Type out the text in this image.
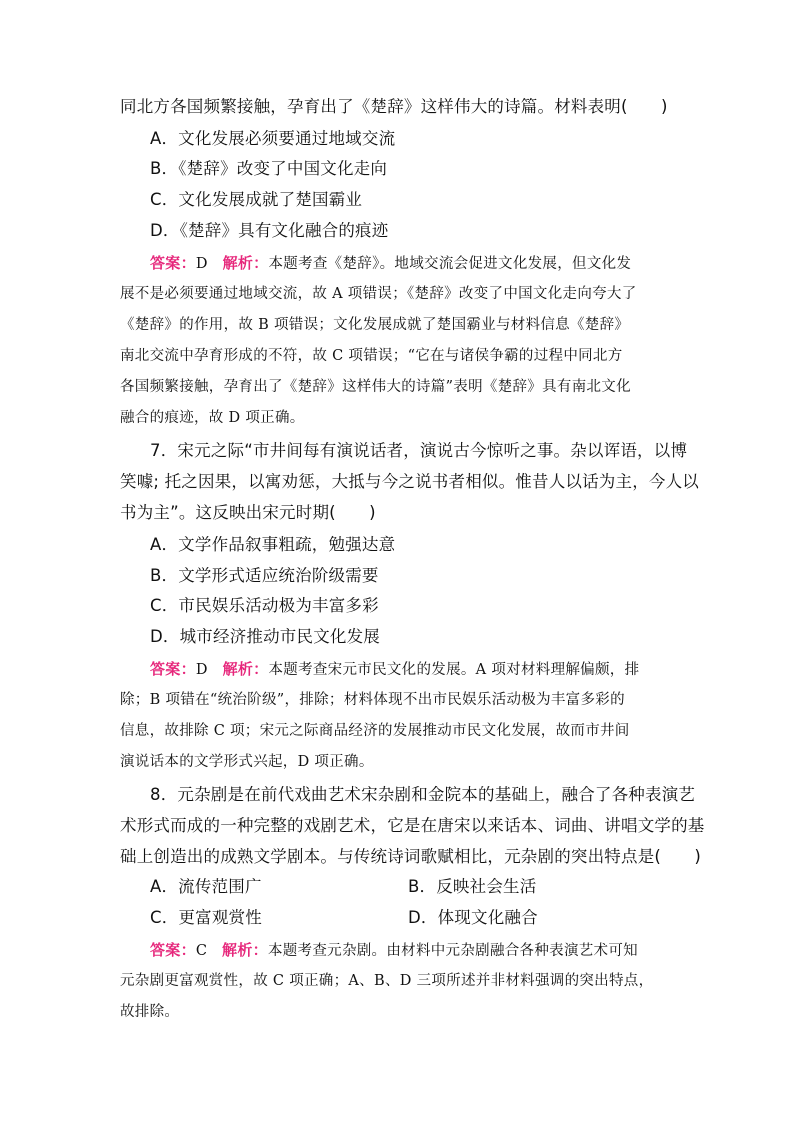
同北方各国频繁接触，孕育出了《楚辞》这样伟大的诗篇。材料表明(　　)
A．文化发展必须要通过地域交流
B．《楚辞》改变了中国文化走向
C．文化发展成就了楚国霸业
D．《楚辞》具有文化融合的痕迹
答案：D 解析：本题考查《楚辞》。地域交流会促进文化发展，但文化发
展不是必须要通过地域交流，故 A 项错误；《楚辞》改变了中国文化走向夸大了
《楚辞》的作用，故 B 项错误；文化发展成就了楚国霸业与材料信息《楚辞》
南北交流中孕育形成的不符，故 C 项错误；“它在与诸侯争霸的过程中同北方
各国频繁接触，孕育出了《楚辞》这样伟大的诗篇”表明《楚辞》具有南北文化
融合的痕迹，故 D 项正确。
7．宋元之际“市井间每有演说话者，演说古今惊听之事。杂以诨语，以博
笑噱; 托之因果，以寓劝惩，大抵与今之说书者相似。惟昔人以话为主，今人以
书为主”。这反映出宋元时期(　　)
A．文学作品叙事粗疏，勉强达意
B．文学形式适应统治阶级需要
C．市民娱乐活动极为丰富多彩
D．城市经济推动市民文化发展
答案：D 解析：本题考查宋元市民文化的发展。A 项对材料理解偏颇，排
除；B 项错在“统治阶级”，排除；材料体现不出市民娱乐活动极为丰富多彩的
信息，故排除 C 项；宋元之际商品经济的发展推动市民文化发展，故而市井间
演说话本的文学形式兴起，D 项正确。
8．元杂剧是在前代戏曲艺术宋杂剧和金院本的基础上，融合了各种表演艺
术形式而成的一种完整的戏剧艺术，它是在唐宋以来话本、词曲、讲唱文学的基
础上创造出的成熟文学剧本。与传统诗词歌赋相比，元杂剧的突出特点是(　　)
A．流传范围广	B．反映社会生活
C．更富观赏性	D．体现文化融合
答案：C 解析：本题考查元杂剧。由材料中元杂剧融合各种表演艺术可知
元杂剧更富观赏性，故 C 项正确；A、B、D 三项所述并非材料强调的突出特点，
故排除。
